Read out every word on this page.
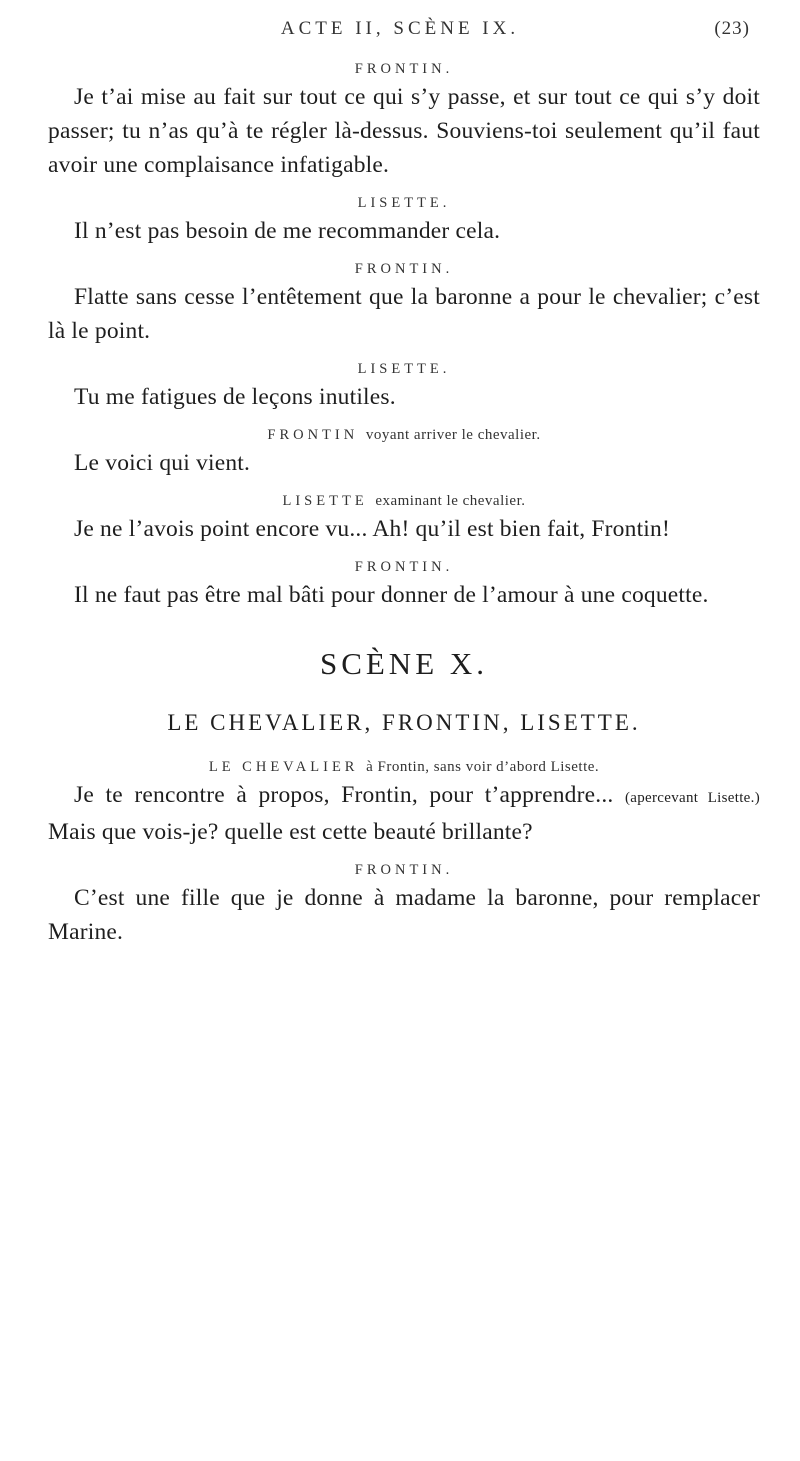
ACTE II, SCÈNE IX.	(23)

FRONTIN.

Je t’ai mise au fait sur tout ce qui s’y passe, et sur tout ce qui s’y doit passer; tu n’as qu’à te régler là-dessus. Souviens-toi seulement qu’il faut avoir une complaisance infatigable.

LISETTE.

Il n’est pas besoin de me recommander cela.

FRONTIN.

Flatte sans cesse l’entêtement que la baronne a pour le chevalier; c’est là le point.

LISETTE.

Tu me fatigues de leçons inutiles.

FRONTIN voyant arriver le chevalier.

Le voici qui vient.

LISETTE examinant le chevalier.

Je ne l’avois point encore vu... Ah! qu’il est bien fait, Frontin!

FRONTIN.

Il ne faut pas être mal bâti pour donner de l’amour à une coquette.

SCÈNE X.

LE CHEVALIER, FRONTIN, LISETTE.

LE CHEVALIER à Frontin, sans voir d’abord Lisette.

Je te rencontre à propos, Frontin, pour t’apprendre... (apercevant Lisette.) Mais que vois-je? quelle est cette beauté brillante?

FRONTIN.

C’est une fille que je donne à madame la baronne, pour remplacer Marine.
